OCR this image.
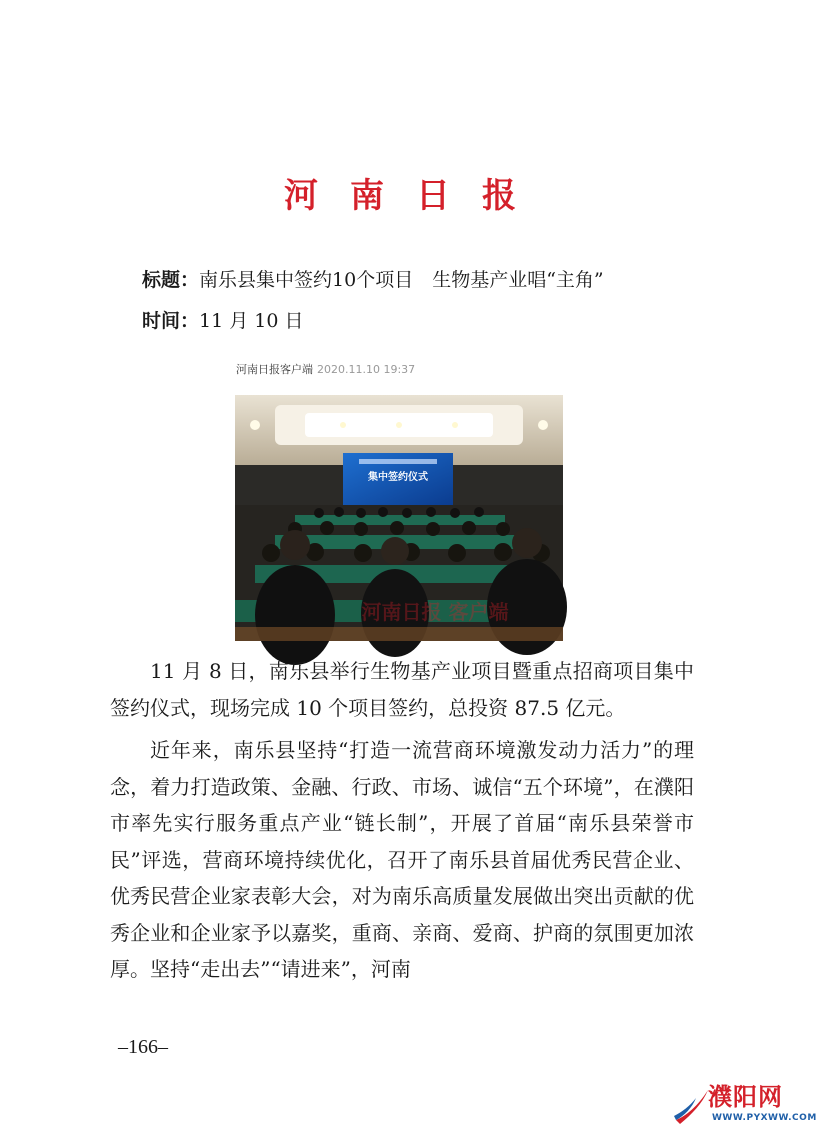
河南日报
标题：南乐县集中签约10个项目　生物基产业唱“主角”
时间：11 月 10 日
河南日报客户端 2020.11.10 19:37
集中签约仪式
河南日报 客户端

11 月 8 日，南乐县举行生物基产业项目暨重点招商项目集中签约仪式，现场完成 10 个项目签约，总投资 87.5 亿元。

近年来，南乐县坚持“打造一流营商环境激发动力活力”的理念，着力打造政策、金融、行政、市场、诚信“五个环境”，在濮阳市率先实行服务重点产业“链长制”，开展了首届“南乐县荣誉市民”评选，营商环境持续优化，召开了南乐县首届优秀民营企业、优秀民营企业家表彰大会，对为南乐高质量发展做出突出贡献的优秀企业和企业家予以嘉奖，重商、亲商、爱商、护商的氛围更加浓厚。坚持“走出去”“请进来”，河南

–166–
濮阳网
WWW.PYXWW.COM
